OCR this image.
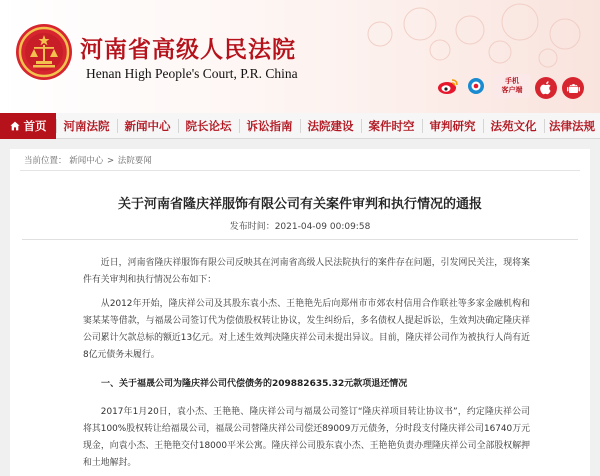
河南省高级人民法院
Henan High People's Court, P.R. China	手机
客户端
首页	河南法院	新闻中心	院长论坛	诉讼指南	法院建设	案件时空	审判研究	法苑文化	法律法规
当前位置： 新闻中心 > 法院要闻
关于河南省隆庆祥服饰有限公司有关案件审判和执行情况的通报
发布时间：2021-04-09 00:09:58

近日，河南省隆庆祥服饰有限公司反映其在河南省高级人民法院执行的案件存在问题，引发网民关注，现将案件有关审判和执行情况公布如下：

从2012年开始，隆庆祥公司及其股东袁小杰、王艳艳先后向郑州市市郊农村信用合作联社等多家金融机构和窦某某等借款，与福晟公司签订代为偿债股权转让协议，发生纠纷后，多名债权人提起诉讼，生效判决确定隆庆祥公司累计欠款总标的额近13亿元。对上述生效判决隆庆祥公司未提出异议。目前，隆庆祥公司作为被执行人尚有近8亿元债务未履行。

一、关于福晟公司为隆庆祥公司代偿债务的209882635.32元款项退还情况

2017年1月20日，袁小杰、王艳艳、隆庆祥公司与福晟公司签订“隆庆祥项目转让协议书”，约定隆庆祥公司将其100%股权转让给福晟公司，福晟公司替隆庆祥公司偿还89009万元债务，分时段支付隆庆祥公司16740万元现金，向袁小杰、王艳艳交付18000平米公寓。隆庆祥公司股东袁小杰、王艳艳负责办理隆庆祥公司全部股权解押和土地解封。
